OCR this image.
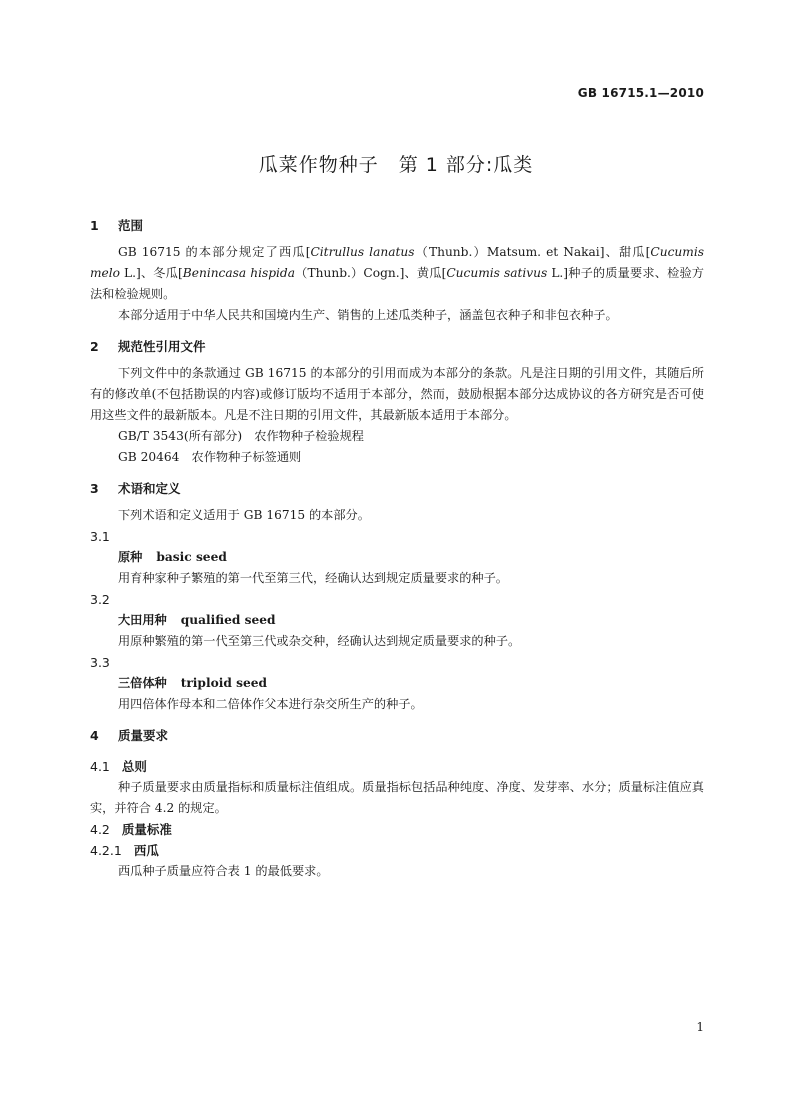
GB 16715.1—2010
瓜菜作物种子　第 1 部分:瓜类

1 范围

GB 16715 的本部分规定了西瓜[Citrullus lanatus（Thunb.）Matsum. et Nakai]、甜瓜[Cucumis melo L.]、冬瓜[Benincasa hispida（Thunb.）Cogn.]、黄瓜[Cucumis sativus L.]种子的质量要求、检验方法和检验规则。

本部分适用于中华人民共和国境内生产、销售的上述瓜类种子，涵盖包衣种子和非包衣种子。

2 规范性引用文件

下列文件中的条款通过 GB 16715 的本部分的引用而成为本部分的条款。凡是注日期的引用文件，其随后所有的修改单(不包括勘误的内容)或修订版均不适用于本部分，然而，鼓励根据本部分达成协议的各方研究是否可使用这些文件的最新版本。凡是不注日期的引用文件，其最新版本适用于本部分。

GB/T 3543(所有部分)　农作物种子检验规程

GB 20464　农作物种子标签通则

3 术语和定义

下列术语和定义适用于 GB 16715 的本部分。

3.1

原种 basic seed

用育种家种子繁殖的第一代至第三代，经确认达到规定质量要求的种子。

3.2

大田用种 qualified seed

用原种繁殖的第一代至第三代或杂交种，经确认达到规定质量要求的种子。

3.3

三倍体种 triploid seed

用四倍体作母本和二倍体作父本进行杂交所生产的种子。

4 质量要求

4.1 总则

种子质量要求由质量指标和质量标注值组成。质量指标包括品种纯度、净度、发芽率、水分；质量标注值应真实，并符合 4.2 的规定。

4.2 质量标准

4.2.1 西瓜

西瓜种子质量应符合表 1 的最低要求。

1
